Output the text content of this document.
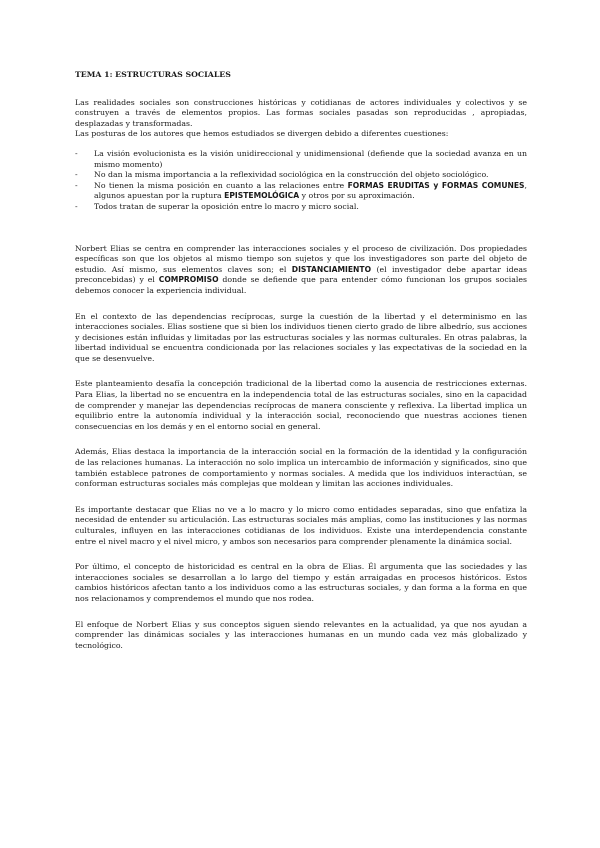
TEMA 1: ESTRUCTURAS SOCIALES

Las realidades sociales son construcciones históricas y cotidianas de actores individuales y colectivos y se construyen a través de elementos propios. Las formas sociales pasadas son reproducidas , apropiadas, desplazadas y transformadas.

Las posturas de los autores que hemos estudiados se divergen debido a diferentes cuestiones:

- La visión evolucionista es la visión unidireccional y unidimensional (defiende que la sociedad avanza en un mismo momento)
- No dan la misma importancia a la reflexividad sociológica en la construcción del objeto sociológico.
- No tienen la misma posición en cuanto a las relaciones entre FORMAS ERUDITAS y FORMAS COMUNES, algunos apuestan por la ruptura EPISTEMOLÓGICA y otros por su aproximación.
- Todos tratan de superar la oposición entre lo macro y micro social.

Norbert Elias se centra en comprender las interacciones sociales y el proceso de civilización. Dos propiedades específicas son que los objetos al mismo tiempo son sujetos y que los investigadores son parte del objeto de estudio. Así mismo, sus elementos claves son; el DISTANCIAMIENTO (el investigador debe apartar ideas preconcebidas) y el COMPROMISO donde se defiende que para entender cómo funcionan los grupos sociales debemos conocer la experiencia individual.

En el contexto de las dependencias recíprocas, surge la cuestión de la libertad y el determinismo en las interacciones sociales. Elias sostiene que si bien los individuos tienen cierto grado de libre albedrío, sus acciones y decisiones están influidas y limitadas por las estructuras sociales y las normas culturales. En otras palabras, la libertad individual se encuentra condicionada por las relaciones sociales y las expectativas de la sociedad en la que se desenvuelve.

Este planteamiento desafía la concepción tradicional de la libertad como la ausencia de restricciones externas. Para Elias, la libertad no se encuentra en la independencia total de las estructuras sociales, sino en la capacidad de comprender y manejar las dependencias recíprocas de manera consciente y reflexiva. La libertad implica un equilibrio entre la autonomía individual y la interacción social, reconociendo que nuestras acciones tienen consecuencias en los demás y en el entorno social en general.

Además, Elias destaca la importancia de la interacción social en la formación de la identidad y la configuración de las relaciones humanas. La interacción no solo implica un intercambio de información y significados, sino que también establece patrones de comportamiento y normas sociales. A medida que los individuos interactúan, se conforman estructuras sociales más complejas que moldean y limitan las acciones individuales.

Es importante destacar que Elias no ve a lo macro y lo micro como entidades separadas, sino que enfatiza la necesidad de entender su articulación. Las estructuras sociales más amplias, como las instituciones y las normas culturales, influyen en las interacciones cotidianas de los individuos. Existe una interdependencia constante entre el nivel macro y el nivel micro, y ambos son necesarios para comprender plenamente la dinámica social.

Por último, el concepto de historicidad es central en la obra de Elias. Él argumenta que las sociedades y las interacciones sociales se desarrollan a lo largo del tiempo y están arraigadas en procesos históricos. Estos cambios históricos afectan tanto a los individuos como a las estructuras sociales, y dan forma a la forma en que nos relacionamos y comprendemos el mundo que nos rodea.

El enfoque de Norbert Elias y sus conceptos siguen siendo relevantes en la actualidad, ya que nos ayudan a comprender las dinámicas sociales y las interacciones humanas en un mundo cada vez más globalizado y tecnológico.
